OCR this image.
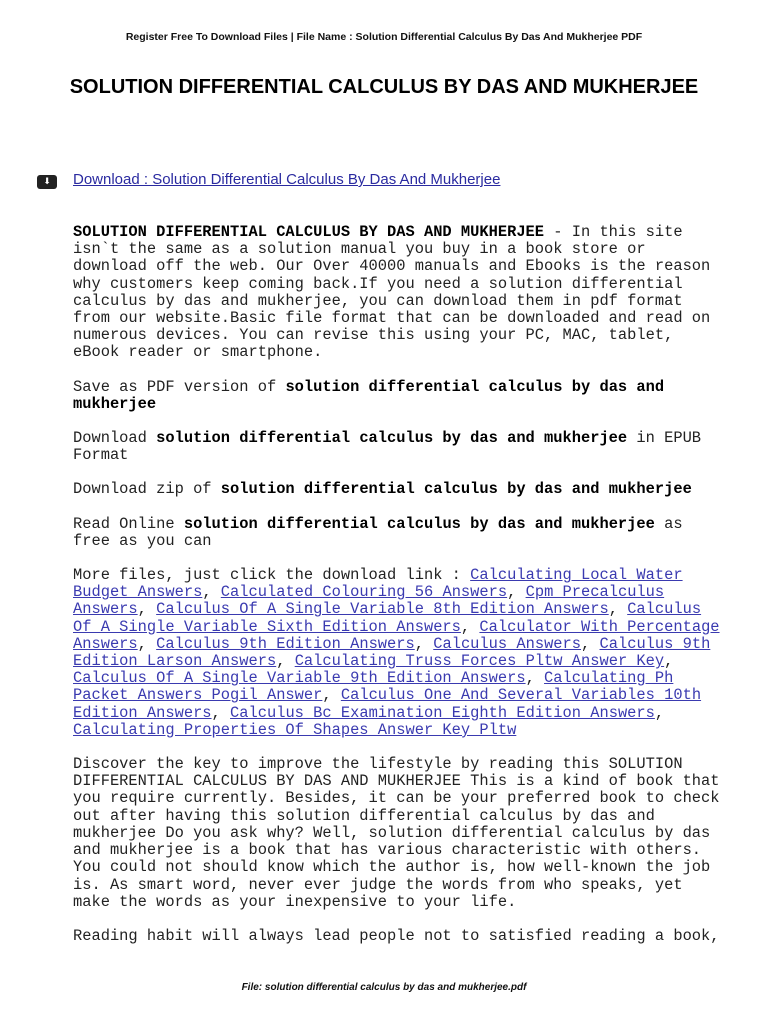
Register Free To Download Files | File Name : Solution Differential Calculus By Das And Mukherjee PDF
SOLUTION DIFFERENTIAL CALCULUS BY DAS AND MUKHERJEE
⬇	Download : Solution Differential Calculus By Das And Mukherjee

SOLUTION DIFFERENTIAL CALCULUS BY DAS AND MUKHERJEE - In this site isn`t the same as a solution manual you buy in a book store or download off the web. Our Over 40000 manuals and Ebooks is the reason why customers keep coming back.If you need a solution differential calculus by das and mukherjee, you can download them in pdf format from our website.Basic file format that can be downloaded and read on numerous devices. You can revise this using your PC, MAC, tablet, eBook reader or smartphone.

Save as PDF version of solution differential calculus by das and mukherjee

Download solution differential calculus by das and mukherjee in EPUB Format

Download zip of solution differential calculus by das and mukherjee

Read Online solution differential calculus by das and mukherjee as free as you can

More files, just click the download link : Calculating Local Water Budget Answers, Calculated Colouring 56 Answers, Cpm Precalculus Answers, Calculus Of A Single Variable 8th Edition Answers, Calculus Of A Single Variable Sixth Edition Answers, Calculator With Percentage Answers, Calculus 9th Edition Answers, Calculus Answers, Calculus 9th Edition Larson Answers, Calculating Truss Forces Pltw Answer Key, Calculus Of A Single Variable 9th Edition Answers, Calculating Ph Packet Answers Pogil Answer, Calculus One And Several Variables 10th Edition Answers, Calculus Bc Examination Eighth Edition Answers, Calculating Properties Of Shapes Answer Key Pltw

Discover the key to improve the lifestyle by reading this SOLUTION DIFFERENTIAL CALCULUS BY DAS AND MUKHERJEE This is a kind of book that you require currently. Besides, it can be your preferred book to check out after having this solution differential calculus by das and mukherjee Do you ask why? Well, solution differential calculus by das and mukherjee is a book that has various characteristic with others. You could not should know which the author is, how well-known the job is. As smart word, never ever judge the words from who speaks, yet make the words as your inexpensive to your life.

Reading habit will always lead people not to satisfied reading a book,

File: solution differential calculus by das and mukherjee.pdf
